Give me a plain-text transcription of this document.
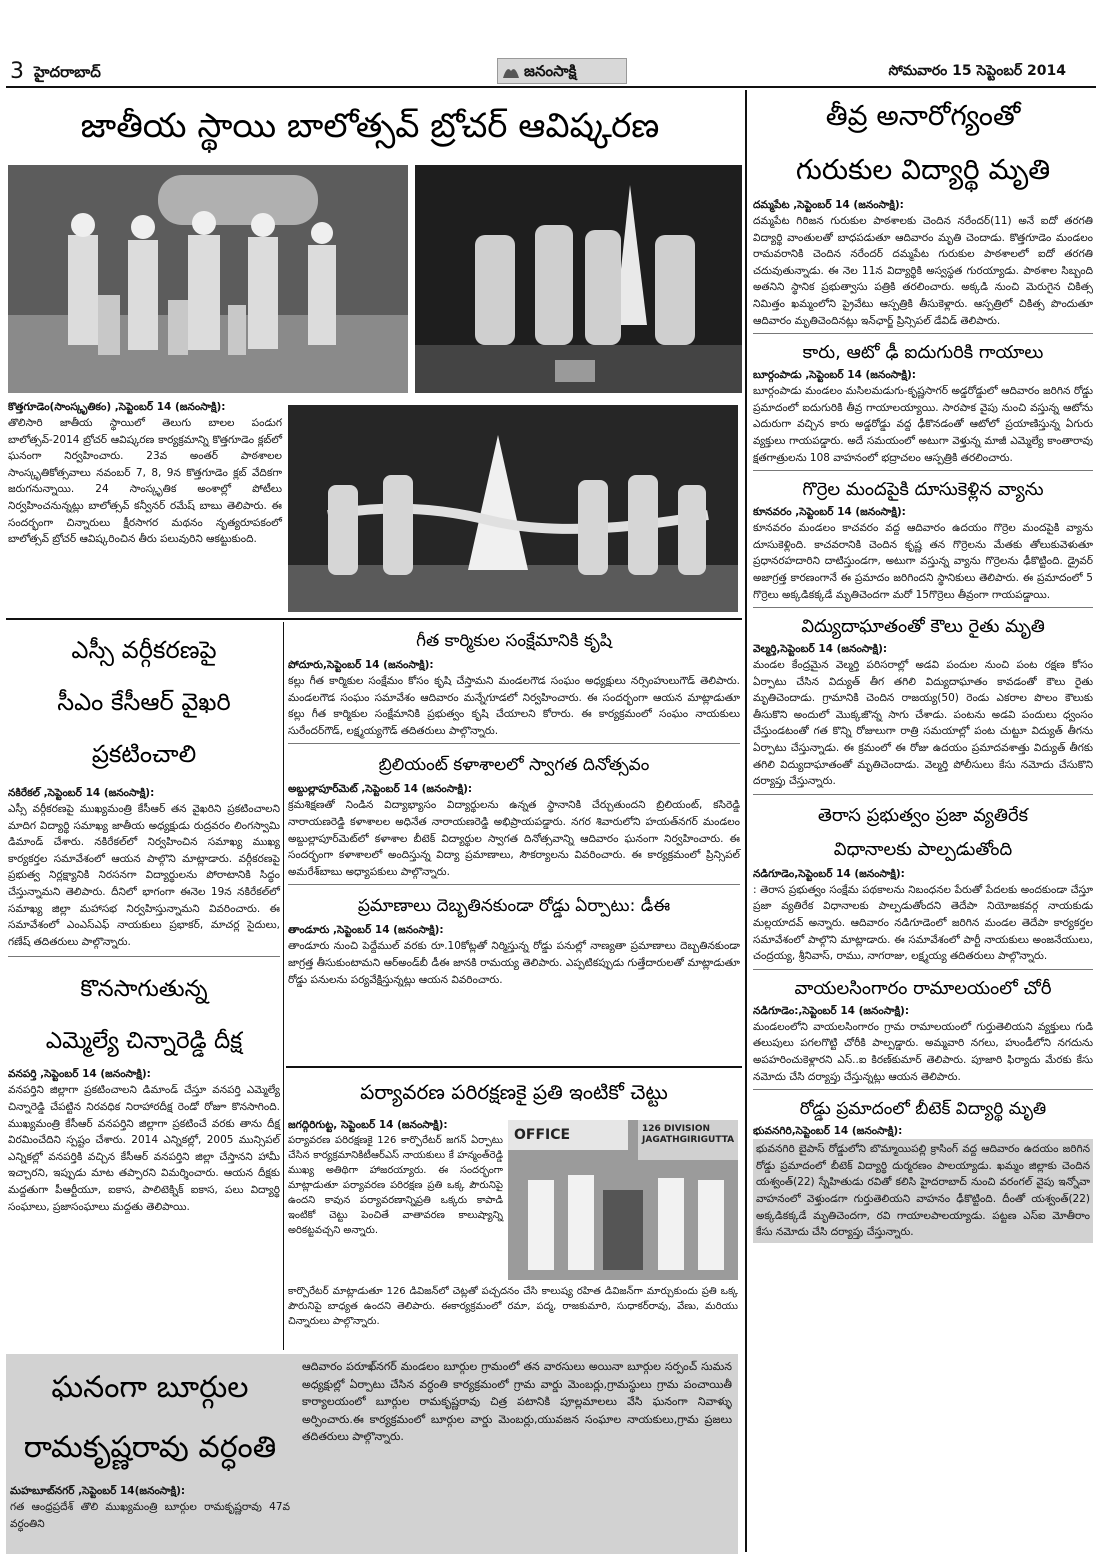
3 హైదరాబాద్	జనంసాక్షి	సోమవారం 15 సెప్టెంబర్ 2014
జాతీయ స్థాయి బాలోత్సవ్ బ్రోచర్ ఆవిష్కరణ
కొత్తగూడెం(సాంస్కృతికం) ,సెప్టెంబర్ 14 (జనంసాక్షి):
తొలిసారి జాతీయ స్థాయిలో తెలుగు బాలల పండుగ బాలోత్సవ్-2014 బ్రోచర్ ఆవిష్కరణ కార్యక్రమాన్ని కొత్తగూడెం క్లబ్‌లో ఘనంగా నిర్వహించారు. 23వ అంతర్ పాఠశాలల సాంస్కృతికోత్సవాలు నవంబర్ 7, 8, 9న కొత్తగూడెం క్లబ్ వేదికగా జరుగనున్నాయి. 24 సాంస్కృతిక అంశాల్లో పోటీలు నిర్వహించనున్నట్లు బాలోత్సవ్ కన్వీనర్ రమేష్ బాబు తెలిపారు. ఈ సందర్భంగా చిన్నారులు క్షీరసాగర మథనం నృత్యరూపకంలో బాలోత్సవ్ బ్రోచర్ ఆవిష్కరించిన తీరు పలువురిని ఆకట్టుకుంది.
తీవ్ర అనారోగ్యంతో
గురుకుల విద్యార్థి మృతి
దమ్మపేట ,సెప్టెంబర్ 14 (జనంసాక్షి):
దమ్మపేట గిరిజన గురుకుల పాఠశాలకు చెందిన నరేందర్(11) అనే ఐదో తరగతి విద్యార్థి వాంతులతో బాధపడుతూ ఆదివారం మృతి చెందాడు. కొత్తగూడెం మండలం రామవరానికి చెందిన నరేందర్ దమ్మపేట గురుకుల పాఠశాలలో ఐదో తరగతి చదువుతున్నాడు. ఈ నెల 11న విద్యార్థికి అస్వస్థత గురయ్యాడు. పాఠశాల సిబ్బంది అతనిని స్థానిక ప్రభుత్వాసు పత్రికి తరలించారు. అక్కడి నుంచి మెరుగైన చికిత్స నిమిత్తం ఖమ్మంలోని ప్రైవేటు ఆస్పత్రికి తీసుకెళ్లారు. ఆస్పత్రిలో చికిత్స పొందుతూ ఆదివారం మృతిచెందినట్లు ఇన్‌ఛార్జ్ ప్రిన్సిపల్ డేవిడ్ తెలిపారు.
కారు, ఆటో ఢీ ఐదుగురికి గాయాలు
బూర్గంపాడు ,సెప్టెంబర్ 14 (జనంసాక్షి):
బూర్గంపాడు మండలం మసిలమడుగు-కృష్ణసాగర్ అడ్డరోడ్డులో ఆదివారం జరిగిన రోడ్డు ప్రమాదంలో ఐదుగురికి తీవ్ర గాయాలయ్యాయి. సారపాక వైపు నుంచి వస్తున్న ఆటోను ఎదురుగా వచ్చిన కారు అడ్డరోడ్డు వద్ద ఢీకొనడంతో ఆటోలో ప్రయాణిస్తున్న ఏగురు వ్యక్తులు గాయపడ్డారు. అదే సమయంలో అటుగా వెళ్తున్న మాజీ ఎమ్మెల్యే కాంతారావు క్షతగాత్రులను 108 వాహనంలో భద్రాచలం ఆస్పత్రికి తరలించారు.
గొర్రెల మందపైకి దూసుకెళ్లిన వ్యాను
కూనవరం ,సెప్టెంబర్ 14 (జనంసాక్షి):
కూనవరం మండలం కాచవరం వద్ద ఆదివారం ఉదయం గొర్రెల మందపైకి వ్యాను దూసుకెళ్లింది. కాచవరానికి చెందిన కృష్ణ తన గొర్రెలను మేతకు తోలుకువెళుతూ ప్రధానరహదారిని దాటిస్తుండగా, అటుగా వస్తున్న వ్యాను గొర్రెలను ఢీకొట్టింది. డ్రైవర్ అజాగ్రత్త కారణంగానే ఈ ప్రమాదం జరిగిందని స్థానికులు తెలిపారు. ఈ ప్రమాదంలో 5 గొర్రెలు అక్కడికక్కడే మృతిచెందగా మరో 15గొర్రెలు తీవ్రంగా గాయపడ్డాయి.
విద్యుదాఘాతంతో కౌలు రైతు మృతి
వెల్మర్తి,సెప్టెంబర్ 14 (జనంసాక్షి):
మండల కేంద్రమైన వెల్మర్తి పరిసరాల్లో అడవి పందుల నుంచి పంట రక్షణ కోసం ఏర్పాటు చేసిన విద్యుత్ తీగ తగిలి విద్యుదాఘాతం కావడంతో కౌలు రైతు మృతిచెందాడు. గ్రామానికి చెందిన రాజయ్య(50) రెండు ఎకరాల పొలం కౌలుకు తీసుకొని అందులో మొక్కజొన్న సాగు చేశాడు. పంటను అడవి పందులు ధ్వంసం చేస్తుండటంతో గత కొన్ని రోజులుగా రాత్రి సమయాల్లో పంట చుట్టూ విద్యుత్ తీగను ఏర్పాటు చేస్తున్నాడు. ఈ క్రమంలో ఈ రోజు ఉదయం ప్రమాదవశాత్తు విద్యుత్ తీగకు తగిలి విద్యుదాఘాతంతో మృతిచెందాడు. వెల్మర్తి పోలీసులు కేసు నమోదు చేసుకొని దర్యాప్తు చేస్తున్నారు.
తెరాస ప్రభుత్వం ప్రజా వ్యతిరేక
విధానాలకు పాల్పడుతోంది
నడిగూడెం,సెప్టెంబర్ 14 (జనంసాక్షి):
: తెరాస ప్రభుత్వం సంక్షేమ పథకాలను నిబంధనల పేరుతో పేదలకు అందకుండా చేస్తూ ప్రజా వ్యతిరేక విధానాలకు పాల్పడుతోందని తెదేపా నియోజకవర్గ నాయకుడు మల్లయాదవ్ అన్నారు. ఆదివారం నడిగూడెంలో జరిగిన మండల తెదేపా కార్యకర్తల సమావేశంలో పాల్గొని మాట్లాడారు. ఈ సమావేశంలో పార్టీ నాయకులు అంజనేయులు, చంద్రయ్య, శ్రీనివాస్, రాము, నాగరాజు, లక్ష్మయ్య తదితరులు పాల్గొన్నారు.
వాయలసింగారం రామాలయంలో చోరీ
నడిగూడెం:,సెప్టెంబర్ 14 (జనంసాక్షి):
మండలంలోని వాయలసింగారం గ్రామ రామాలయంలో గుర్తుతెలియని వ్యక్తులు గుడి తలుపులు పగలగొట్టి చోరీకి పాల్పడ్డారు. అమ్మవారి నగలు, హుండీలోని నగదును అపహరించుకెళ్లారని ఎస్..ఐ కిరణ్‌కుమార్ తెలిపారు. పూజారి ఫిర్యాదు మేరకు కేసు నమోదు చేసి దర్యాప్తు చేస్తున్నట్లు ఆయన తెలిపారు.
రోడ్డు ప్రమాదంలో బీటెక్ విద్యార్థి మృతి
భువనగిరి,సెప్టెంబర్ 14 (జనంసాక్షి):
భువనగిరి బైపాస్ రోడ్డులోని బొమ్మాయిపల్లి క్రాసింగ్ వద్ద ఆదివారం ఉదయం జరిగిన రోడ్డు ప్రమాదంలో బీటెక్ విద్యార్థి దుర్మరణం పాలయ్యాడు. ఖమ్మం జిల్లాకు చెందిన యశ్వంత్(22) స్నేహితుడు రవితో కలిసి హైదరాబాద్ నుంచి వరంగల్ వైపు ఇన్నోవా వాహనంలో వెళ్తుండగా గుర్తుతెలియని వాహనం ఢీకొట్టింది. దీంతో యశ్వంత్(22) అక్కడికక్కడే మృతిచెందగా, రవి గాయాలపాలయ్యాడు. పట్టణ ఎస్‌ఐ మోతీరాం కేసు నమోదు చేసి దర్యాప్తు చేస్తున్నారు.
ఎస్సీ వర్గీకరణపై
సీఎం కేసీఆర్ వైఖరి
ప్రకటించాలి
నకిరేకల్ ,సెప్టెంబర్ 14 (జనంసాక్షి):
ఎస్సీ వర్గీకరణపై ముఖ్యమంత్రి కేసీఆర్ తన వైఖరిని ప్రకటించాలని మాదిగ విద్యార్థి సమాఖ్య జాతీయ అధ్యక్షుడు రుద్రవరం లింగస్వామి డిమాండ్ చేశారు. నకిరేకల్‌లో నిర్వహించిన సమాఖ్య ముఖ్య కార్యకర్తల సమావేశంలో ఆయన పాల్గొని మాట్లాడారు. వర్గీకరణపై ప్రభుత్వ నిర్లక్ష్యానికి నిరసనగా విద్యార్థులను పోరాటానికి సిద్ధం చేస్తున్నామని తెలిపారు. దీనిలో భాగంగా ఈనెల 19న నకిరేకల్‌లో సమాఖ్య జిల్లా మహాసభ నిర్వహిస్తున్నామని వివరించారు. ఈ సమావేశంలో ఎంఎస్ఎఫ్ నాయకులు ప్రభాకర్, మాచర్ల సైదులు, గణేష్ తదితరులు పాల్గొన్నారు.
కొనసాగుతున్న
ఎమ్మెల్యే చిన్నారెడ్డి దీక్ష
వనపర్తి ,సెప్టెంబర్ 14 (జనంసాక్షి):
వనపర్తిని జిల్లాగా ప్రకటించాలని డిమాండ్ చేస్తూ వనపర్తి ఎమ్మెల్యే చిన్నారెడ్డి చేపట్టిన నిరవధిక నిరాహారదీక్ష రెండో రోజూ కొనసాగింది. ముఖ్యమంత్రి కేసీఆర్ వనపర్తిని జిల్లాగా ప్రకటించే వరకు తాను దీక్ష విరమించేదిని స్పష్టం చేశారు. 2014 ఎన్నికల్లో, 2005 మున్సిపల్ ఎన్నికల్లో వనపర్తికి వచ్చిన కేసీఆర్ వనపర్తిని జిల్లా చేస్తానని హామీ ఇచ్చారని, ఇప్పుడు మాట తప్పారని విమర్శించారు. ఆయన దీక్షకు మద్దతుగా పీఆర్టీయూ, ఐకాస, పాలిటెక్నిక్ ఐకాస, పలు విద్యార్థి సంఘాలు, ప్రజాసంఘాలు మద్దతు తెలిపాయి.
గీత కార్మికుల సంక్షేమానికి కృషి
పోదూరు,సెప్టెంబర్ 14 (జనంసాక్షి):
కల్లు గీత కార్మికుల సంక్షేమం కోసం కృషి చేస్తామని మండలగౌడ సంఘం అధ్యక్షులు నర్సింహులుగౌడ్ తెలిపారు. మండలగౌడ సంఘం సమావేశం ఆదివారం మన్నేగూడలో నిర్వహించారు. ఈ సందర్భంగా ఆయన మాట్లాడుతూ కల్లు గీత కార్మికుల సంక్షేమానికి ప్రభుత్వం కృషి చేయాలని కోరారు. ఈ కార్యక్రమంలో సంఘం నాయకులు సురేందర్‌గౌడ్, లక్ష్మయ్యగౌడ్ తదితరులు పాల్గొన్నారు.
బ్రిలియంట్ కళాశాలలో స్వాగత దినోత్సవం
అబ్దుల్లాపూర్‌మెట్ ,సెప్టెంబర్ 14 (జనంసాక్షి):
క్రమశిక్షణతో నిండిన విద్యాభ్యాసం విద్యార్థులను ఉన్నత స్థానానికి చేర్చుతుందని బ్రిలియంట్, కసిరెడ్డి నారాయణరెడ్డి కళాశాలల అధినేత నారాయణరెడ్డి అభిప్రాయపడ్డారు. నగర శివారులోని హయత్‌నగర్ మండలం అబ్దుల్లాపూర్‌మెట్‌లో కళాశాల బీటెక్ విద్యార్థుల స్వాగత దినోత్సవాన్ని ఆదివారం ఘనంగా నిర్వహించారు. ఈ సందర్భంగా కళాశాలలో అందిస్తున్న విద్యా ప్రమాణాలు, సౌకర్యాలను వివరించారు. ఈ కార్యక్రమంలో ప్రిన్సిపల్ అమరేశ్‌బాబు అధ్యాపకులు పాల్గొన్నారు.
ప్రమాణాలు దెబ్బతినకుండా రోడ్డు ఏర్పాటు: డీఈ
తాండూరు ,సెప్టెంబర్ 14 (జనంసాక్షి):
తాండూరు నుంచి పెద్దేముల్ వరకు రూ.10కోట్లతో నిర్మిస్తున్న రోడ్డు పనుల్లో నాణ్యతా ప్రమాణాలు దెబ్బతినకుండా జాగ్రత్త తీసుకుంటామని ఆర్‌అండ్‌బీ డీఈ జానకి రామయ్య తెలిపారు. ఎప్పటికప్పుడు గుత్తేదారులతో మాట్లాడుతూ రోడ్డు పనులను పర్యవేక్షిస్తున్నట్లు ఆయన వివరించారు.
పర్యావరణ పరిరక్షణకై ప్రతి ఇంటికో చెట్టు
జగద్గిరిగుట్ట, సెప్టెంబర్ 14 (జనంసాక్షి):
పర్యావరణ పరిరక్షణకై 126 కార్పొరేటర్ జగన్ ఏర్పాటు చేసిన కార్యక్రమానికిటీఆర్ఎస్ నాయకులు కే హన్మంత్‌రెడ్డి ముఖ్య అతిథిగా హాజరయ్యారు. ఈ సందర్భంగా మాట్లాడుతూ పర్యావరణ పరిరక్షణ ప్రతి ఒక్క పౌరునిపై ఉందని కావున పర్యావరణాన్నిప్రతి ఒక్కరు కాపాడి ఇంటికో చెట్టు పెంచితే వాతావరణ కాలుష్యాన్ని అరికట్టవచ్చని అన్నారు.
OFFICE	126 DIVISION JAGATHGIRIGUTTA
కార్పొరేటర్ మాట్లాడుతూ 126 డివిజన్‌లో చెట్లతో పచ్చదనం చేసి కాలుష్య రహిత డివిజన్‌గా మార్చుకుందు ప్రతి ఒక్క పౌరునిపై బాధ్యత ఉందని తెలిపారు. ఈకార్యక్రమంలో రమా, పద్మ, రాజకుమారి, సుధాకర్‌రావు, వేణు, మరియు చిన్నారులు పాల్గొన్నారు.
ఘనంగా బూర్గుల
రామకృష్ణరావు వర్ధంతి
మహబూబ్‌నగర్ ,సెప్టెంబర్ 14(జనంసాక్షి):
గత ఆంధ్రప్రదేశ్ తొలి ముఖ్యమంత్రి బూర్గుల రామకృష్ణరావు 47వ వర్ధంతిని
ఆదివారం పరూఖ్‌నగర్ మండలం బూర్గుల గ్రామంలో తన వారసులు అయినా బూర్గుల సర్పంచ్ సుమన అధ్యక్షుల్లో ఏర్పాటు చేసిన వర్ధంతి కార్యక్రమంలో గ్రామ వార్డు మెంబర్లు,గ్రామస్థులు గ్రామ పంచాయితీ కార్యాలయంలో బూర్గుల రామకృష్ణరావు చిత్ర పటానికి పూల్లమాలలు వేసి ఘనంగా నివాళ్ళు అర్పించారు.ఈ కార్యక్రమంలో బూర్గుల వార్డు మెంబర్లు,యువజన సంఘాల నాయకులు,గ్రామ ప్రజలు తదితరులు పాల్గొన్నారు.
